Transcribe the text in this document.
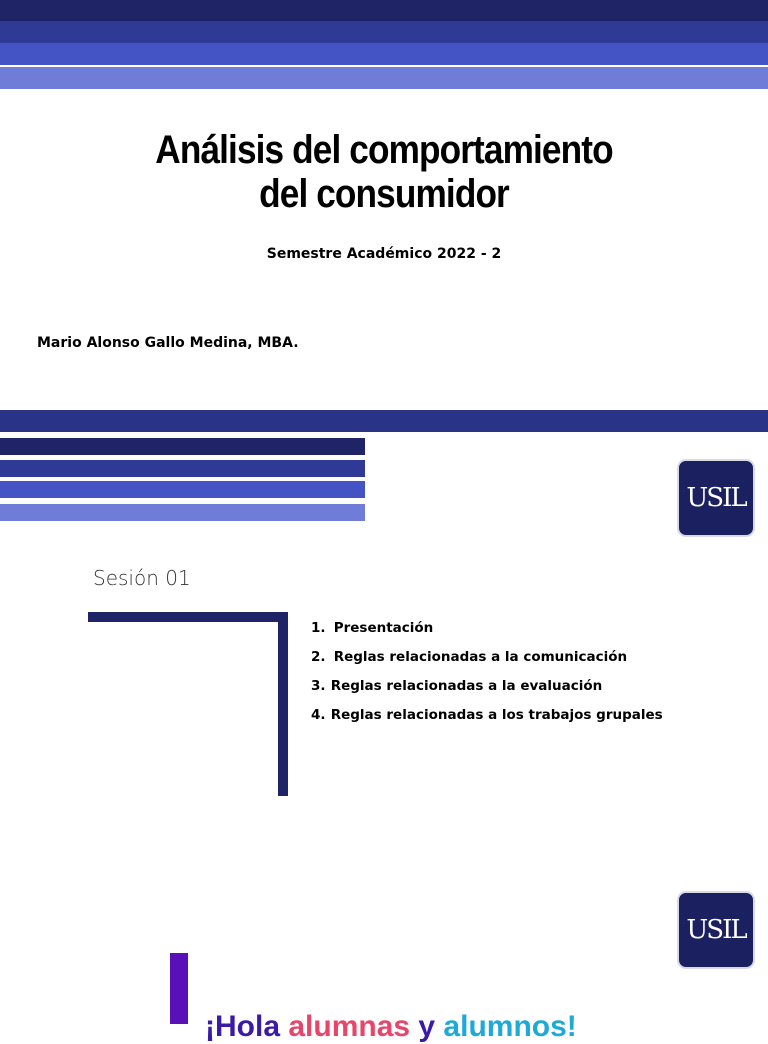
Análisis del comportamiento
del consumidor
Semestre Académico 2022 - 2
Mario Alonso Gallo Medina, MBA.
USIL
Sesión 01
1. Presentación
2. Reglas relacionadas a la comunicación
3. Reglas relacionadas a la evaluación
4. Reglas relacionadas a los trabajos grupales
USIL
¡Hola alumnas y alumnos!
